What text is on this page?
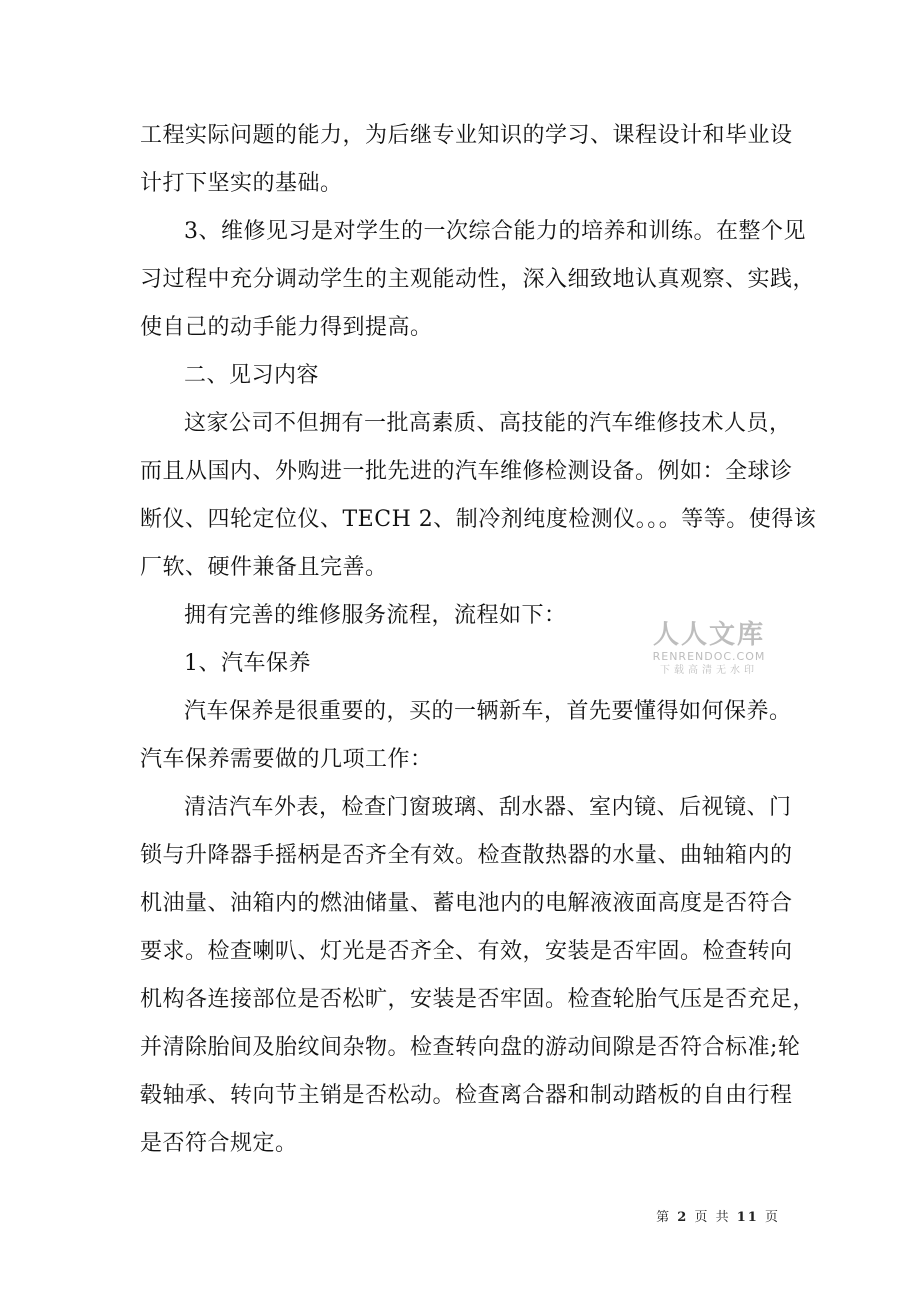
工程实际问题的能力，为后继专业知识的学习、课程设计和毕业设
计打下坚实的基础。
3、维修见习是对学生的一次综合能力的培养和训练。在整个见
习过程中充分调动学生的主观能动性，深入细致地认真观察、实践，
使自己的动手能力得到提高。
二、见习内容
这家公司不但拥有一批高素质、高技能的汽车维修技术人员，
而且从国内、外购进一批先进的汽车维修检测设备。例如：全球诊
断仪、四轮定位仪、TECH 2、制冷剂纯度检测仪。。。等等。使得该
厂软、硬件兼备且完善。
拥有完善的维修服务流程，流程如下：
1、汽车保养
汽车保养是很重要的，买的一辆新车，首先要懂得如何保养。
汽车保养需要做的几项工作：
清洁汽车外表，检查门窗玻璃、刮水器、室内镜、后视镜、门
锁与升降器手摇柄是否齐全有效。检查散热器的水量、曲轴箱内的
机油量、油箱内的燃油储量、蓄电池内的电解液液面高度是否符合
要求。检查喇叭、灯光是否齐全、有效，安装是否牢固。检查转向
机构各连接部位是否松旷，安装是否牢固。检查轮胎气压是否充足，
并清除胎间及胎纹间杂物。检查转向盘的游动间隙是否符合标准;轮
毂轴承、转向节主销是否松动。检查离合器和制动踏板的自由行程
是否符合规定。
人人文库
RENRENDOC.COM
下载高清无水印
第 2 页 共 11 页
